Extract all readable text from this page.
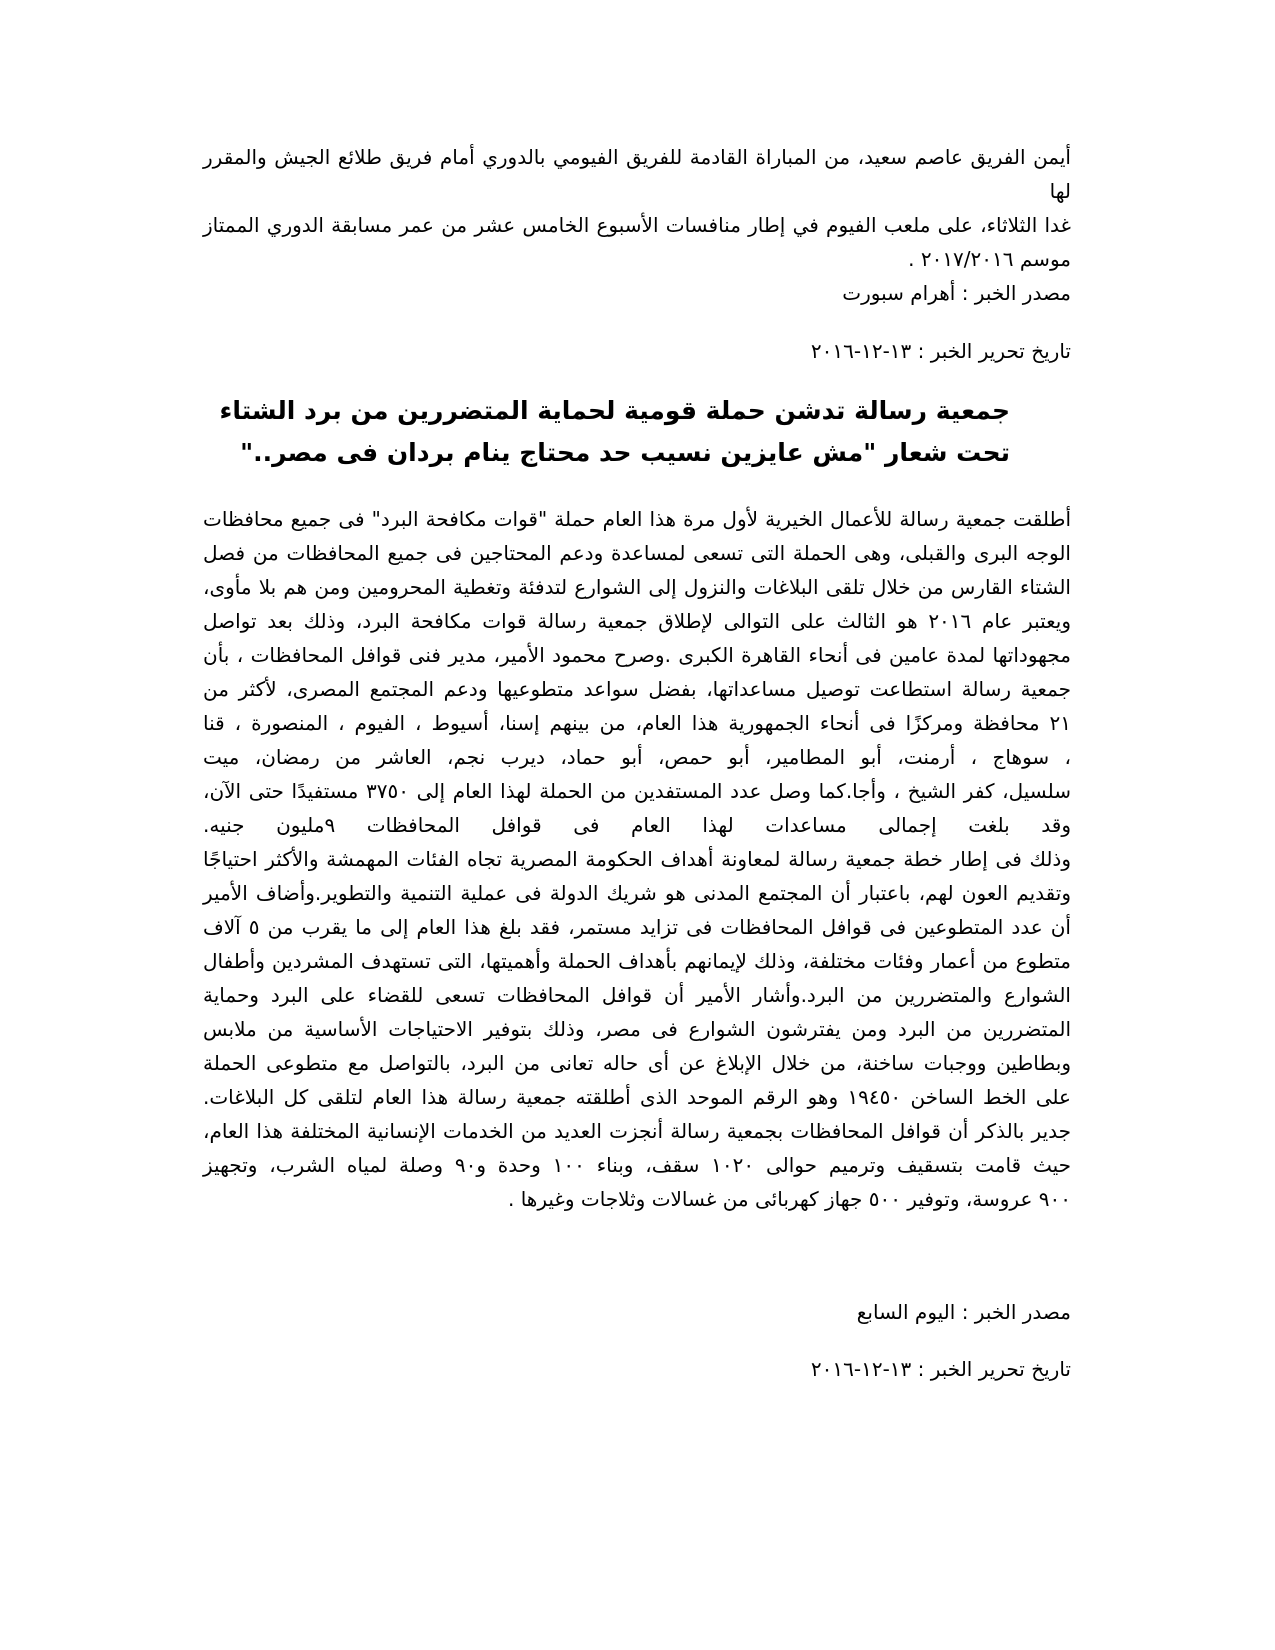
أيمن الفريق عاصم سعيد، من المباراة القادمة للفريق الفيومي بالدوري أمام فريق طلائع الجيش والمقرر لها
غدا الثلاثاء، على ملعب الفيوم في إطار منافسات الأسبوع الخامس عشر من عمر مسابقة الدوري الممتاز
موسم ٢٠١٧/٢٠١٦ .
مصدر الخبر : أهرام سبورت
تاريخ تحرير الخبر : ١٣-١٢-٢٠١٦
جمعية رسالة تدشن حملة قومية لحماية المتضررين من برد الشتاء
تحت شعار "مش عايزين نسيب حد محتاج ينام بردان فى مصر.."
أطلقت جمعية رسالة للأعمال الخيرية لأول مرة هذا العام حملة "قوات مكافحة البرد" فى جميع محافظات
الوجه البرى والقبلى، وهى الحملة التى تسعى لمساعدة ودعم المحتاجين فى جميع المحافظات من فصل
الشتاء القارس من خلال تلقى البلاغات والنزول إلى الشوارع لتدفئة وتغطية المحرومين ومن هم بلا مأوى،
ويعتبر عام ٢٠١٦ هو الثالث على التوالى لإطلاق جمعية رسالة قوات مكافحة البرد، وذلك بعد تواصل
مجهوداتها لمدة عامين فى أنحاء القاهرة الكبرى .وصرح محمود الأمير، مدير فنى قوافل المحافظات ، بأن
جمعية رسالة استطاعت توصيل مساعداتها، بفضل سواعد متطوعيها ودعم المجتمع المصرى، لأكثر من
٢١ محافظة ومركزًا فى أنحاء الجمهورية هذا العام، من بينهم إسنا، أسيوط ، الفيوم ، المنصورة ، قنا
، سوهاج ، أرمنت، أبو المطامير، أبو حمص، أبو حماد، ديرب نجم، العاشر من رمضان، ميت
سلسيل، كفر الشيخ ، وأجا.كما وصل عدد المستفدين من الحملة لهذا العام إلى ٣٧٥٠ مستفيدًا حتى الآن،
وقد بلغت إجمالى مساعدات لهذا العام فى قوافل المحافظات ٩مليون جنيه.
وذلك فى إطار خطة جمعية رسالة لمعاونة أهداف الحكومة المصرية تجاه الفئات المهمشة والأكثر احتياجًا
وتقديم العون لهم، باعتبار أن المجتمع المدنى هو شريك الدولة فى عملية التنمية والتطوير.وأضاف الأمير
أن عدد المتطوعين فى قوافل المحافظات فى تزايد مستمر، فقد بلغ هذا العام إلى ما يقرب من ٥ آلاف
متطوع من أعمار وفئات مختلفة، وذلك لإيمانهم بأهداف الحملة وأهميتها، التى تستهدف المشردين وأطفال
الشوارع والمتضررين من البرد.وأشار الأمير أن قوافل المحافظات تسعى للقضاء على البرد وحماية
المتضررين من البرد ومن يفترشون الشوارع فى مصر، وذلك بتوفير الاحتياجات الأساسية من ملابس
وبطاطين ووجبات ساخنة، من خلال الإبلاغ عن أى حاله تعانى من البرد، بالتواصل مع متطوعى الحملة
على الخط الساخن ١٩٤٥٠ وهو الرقم الموحد الذى أطلقته جمعية رسالة هذا العام لتلقى كل البلاغات.
جدير بالذكر أن قوافل المحافظات بجمعية رسالة أنجزت العديد من الخدمات الإنسانية المختلفة هذا العام،
حيث قامت بتسقيف وترميم حوالى ١٠٢٠ سقف، وبناء ١٠٠ وحدة و٩٠ وصلة لمياه الشرب، وتجهيز
٩٠٠ عروسة، وتوفير ٥٠٠ جهاز كهربائى من غسالات وثلاجات وغيرها .
مصدر الخبر : اليوم السابع
تاريخ تحرير الخبر : ١٣-١٢-٢٠١٦
